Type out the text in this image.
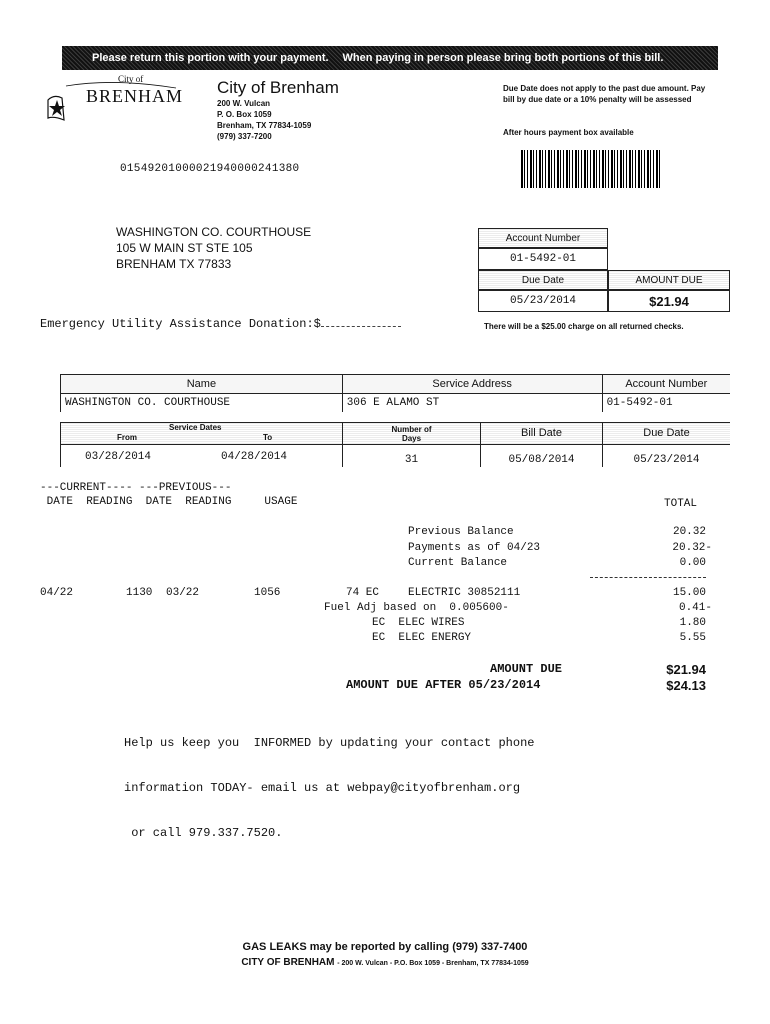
Please return this portion with your payment. When paying in person please bring both portions of this bill.
City of
BRENHAM City of Brenham
200 W. Vulcan
P. O. Box 1059
Brenham, TX 77834-1059
(979) 337-7200
Due Date does not apply to the past due amount. Pay bill by due date or a 10% penalty will be assessed
After hours payment box available
01549201000021940000241380
WASHINGTON CO. COURTHOUSE
105 W MAIN ST STE 105
BRENHAM TX 77833
Account Number
01-5492-01
Due Date
05/23/2014
AMOUNT DUE
$21.94
Emergency Utility Assistance Donation:$	There will be a $25.00 charge on all returned checks.
Name	Service Address	Account Number
WASHINGTON CO. COURTHOUSE	306 E ALAMO ST	01-5492-01
Service Dates
From	To
Number of Days	Bill Date	Due Date
03/28/2014	04/28/2014	31	05/08/2014	05/23/2014
---CURRENT---- ---PREVIOUS---
DATE  READING  DATE  READING     USAGE	TOTAL
Previous Balance	20.32
Payments as of 04/23	20.32-
Current Balance	0.00
04/22	1130 03/22	1056	74 EC	ELECTRIC 30852111	15.00
Fuel Adj based on  0.005600-	0.41-
EC  ELEC WIRES	1.80
EC  ELEC ENERGY	5.55
AMOUNT DUE	$21.94
AMOUNT DUE AFTER 05/23/2014	$24.13

Help us keep you  INFORMED by updating your contact phone

information TODAY- email us at webpay@cityofbrenham.org

or call 979.337.7520.

GAS LEAKS may be reported by calling (979) 337-7400
CITY OF BRENHAM - 200 W. Vulcan - P.O. Box 1059 - Brenham, TX 77834-1059
